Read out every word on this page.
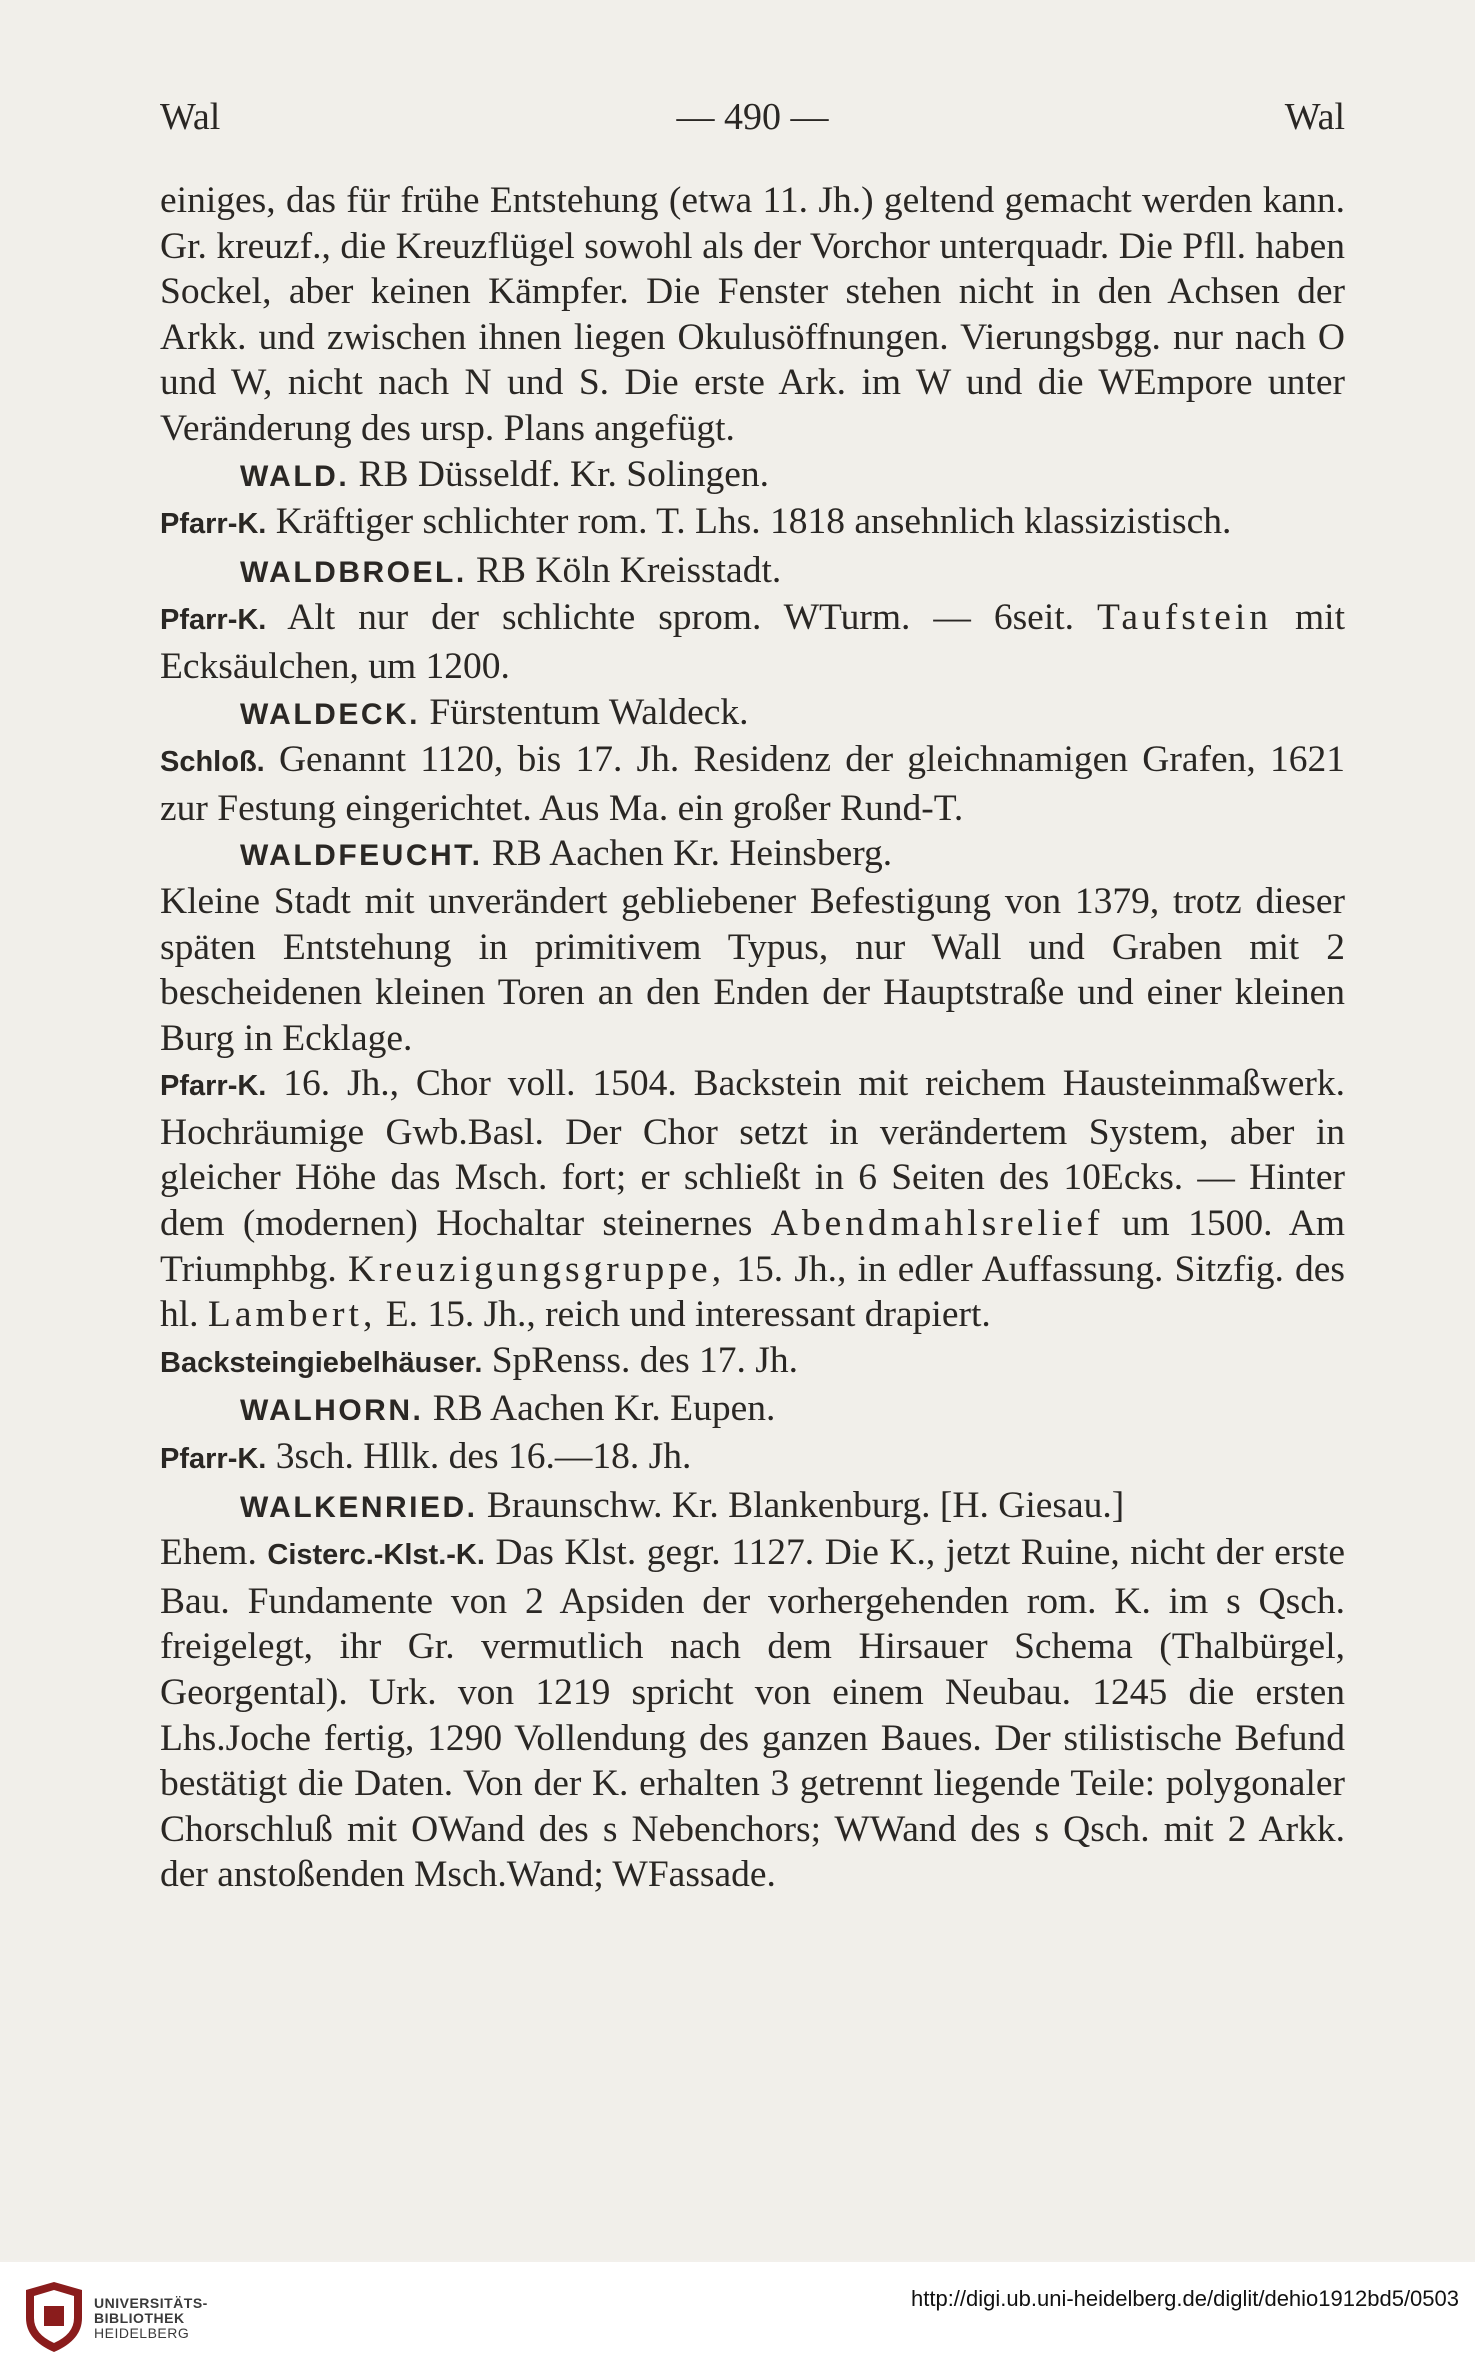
Wal	— 490 —	Wal

einiges, das für frühe Entstehung (etwa 11. Jh.) geltend gemacht werden kann. Gr. kreuzf., die Kreuzflügel sowohl als der Vorchor unterquadr. Die Pfll. haben Sockel, aber keinen Kämpfer. Die Fenster stehen nicht in den Achsen der Arkk. und zwischen ihnen liegen Okulusöffnungen. Vierungsbgg. nur nach O und W, nicht nach N und S. Die erste Ark. im W und die WEmpore unter Veränderung des ursp. Plans angefügt.

WALD. RB Düsseldf. Kr. Solingen.

Pfarr-K. Kräftiger schlichter rom. T. Lhs. 1818 ansehnlich klassizistisch.

WALDBROEL. RB Köln Kreisstadt.

Pfarr-K. Alt nur der schlichte sprom. WTurm. — 6seit. Taufstein mit Ecksäulchen, um 1200.

WALDECK. Fürstentum Waldeck.

Schloß. Genannt 1120, bis 17. Jh. Residenz der gleichnamigen Grafen, 1621 zur Festung eingerichtet. Aus Ma. ein großer Rund-T.

WALDFEUCHT. RB Aachen Kr. Heinsberg.

Kleine Stadt mit unverändert gebliebener Befestigung von 1379, trotz dieser späten Entstehung in primitivem Typus, nur Wall und Graben mit 2 bescheidenen kleinen Toren an den Enden der Hauptstraße und einer kleinen Burg in Ecklage.

Pfarr-K. 16. Jh., Chor voll. 1504. Backstein mit reichem Hausteinmaßwerk. Hochräumige Gwb.Basl. Der Chor setzt in verändertem System, aber in gleicher Höhe das Msch. fort; er schließt in 6 Seiten des 10Ecks. — Hinter dem (modernen) Hochaltar steinernes Abendmahlsrelief um 1500. Am Triumphbg. Kreuzigungsgruppe, 15. Jh., in edler Auffassung. Sitzfig. des hl. Lambert, E. 15. Jh., reich und interessant drapiert.

Backsteingiebelhäuser. SpRenss. des 17. Jh.

WALHORN. RB Aachen Kr. Eupen.

Pfarr-K. 3sch. Hllk. des 16.—18. Jh.

WALKENRIED. Braunschw. Kr. Blankenburg. [H. Giesau.]

Ehem. Cisterc.-Klst.-K. Das Klst. gegr. 1127. Die K., jetzt Ruine, nicht der erste Bau. Fundamente von 2 Apsiden der vorhergehenden rom. K. im s Qsch. freigelegt, ihr Gr. vermutlich nach dem Hirsauer Schema (Thalbürgel, Georgental). Urk. von 1219 spricht von einem Neubau. 1245 die ersten Lhs.Joche fertig, 1290 Vollendung des ganzen Baues. Der stilistische Befund bestätigt die Daten. Von der K. erhalten 3 getrennt liegende Teile: polygonaler Chorschluß mit OWand des s Nebenchors; WWand des s Qsch. mit 2 Arkk. der anstoßenden Msch.Wand; WFassade.

UNIVERSITÄTS-
BIBLIOTHEK
HEIDELBERG
http://digi.ub.uni-heidelberg.de/diglit/dehio1912bd5/0503
